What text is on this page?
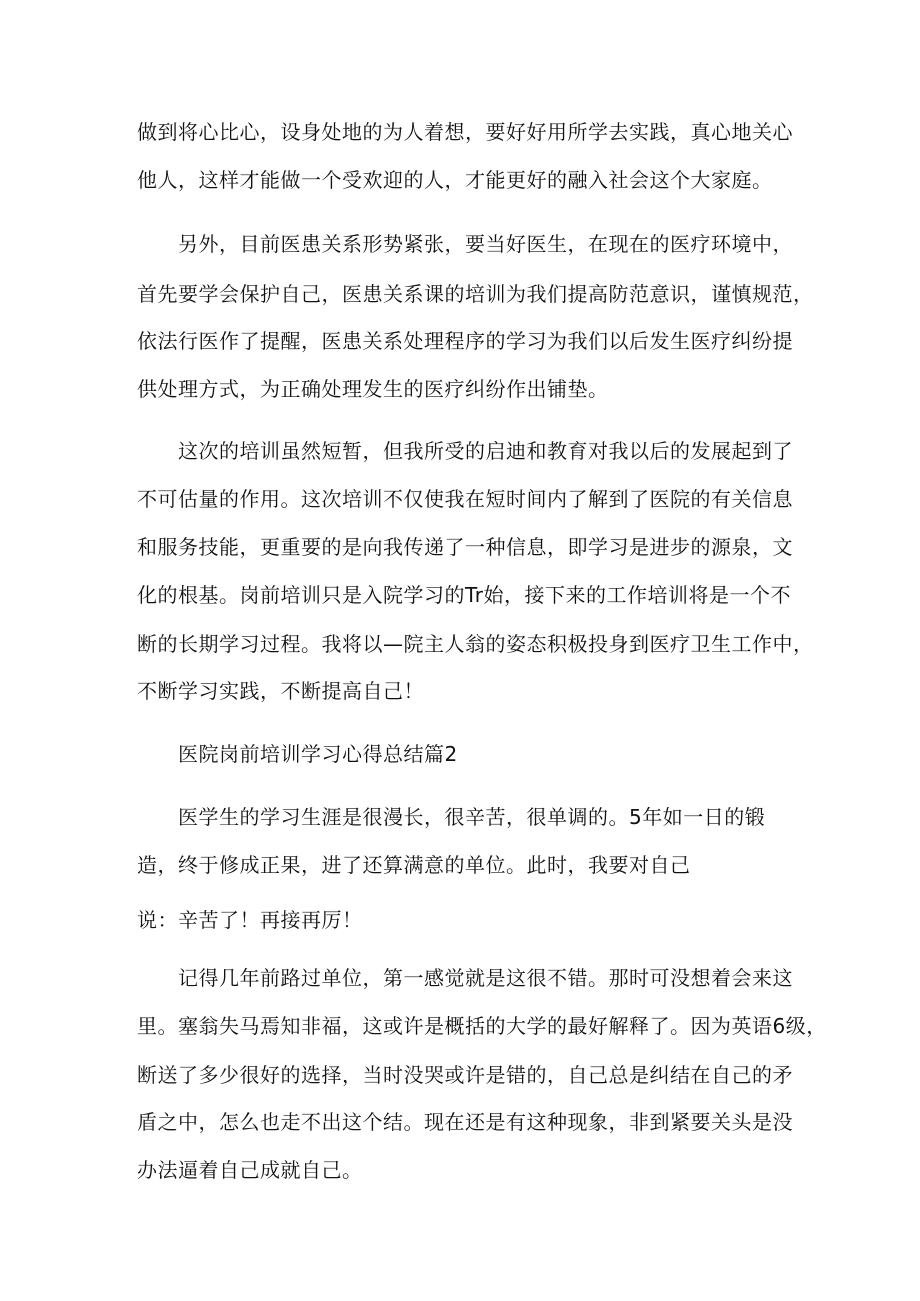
做到将心比心，设身处地的为人着想，要好好用所学去实践，真心地关心
他人，这样才能做一个受欢迎的人，才能更好的融入社会这个大家庭。
另外，目前医患关系形势紧张，要当好医生，在现在的医疗环境中，
首先要学会保护自己，医患关系课的培训为我们提高防范意识，谨慎规范，
依法行医作了提醒，医患关系处理程序的学习为我们以后发生医疗纠纷提
供处理方式，为正确处理发生的医疗纠纷作出铺垫。
这次的培训虽然短暂，但我所受的启迪和教育对我以后的发展起到了
不可估量的作用。这次培训不仅使我在短时间内了解到了医院的有关信息
和服务技能，更重要的是向我传递了一种信息，即学习是进步的源泉，文
化的根基。岗前培训只是入院学习的Tr始，接下来的工作培训将是一个不
断的长期学习过程。我将以—院主人翁的姿态积极投身到医疗卫生工作中，
不断学习实践，不断提高自己！
医院岗前培训学习心得总结篇2
医学生的学习生涯是很漫长，很辛苦，很单调的。5年如一日的锻
造，终于修成正果，进了还算满意的单位。此时，我要对自己
说：辛苦了！再接再厉！
记得几年前路过单位，第一感觉就是这很不错。那时可没想着会来这
里。塞翁失马焉知非福，这或许是概括的大学的最好解释了。因为英语6级，
断送了多少很好的选择，当时没哭或许是错的，自己总是纠结在自己的矛
盾之中，怎么也走不出这个结。现在还是有这种现象，非到紧要关头是没
办法逼着自己成就自己。
